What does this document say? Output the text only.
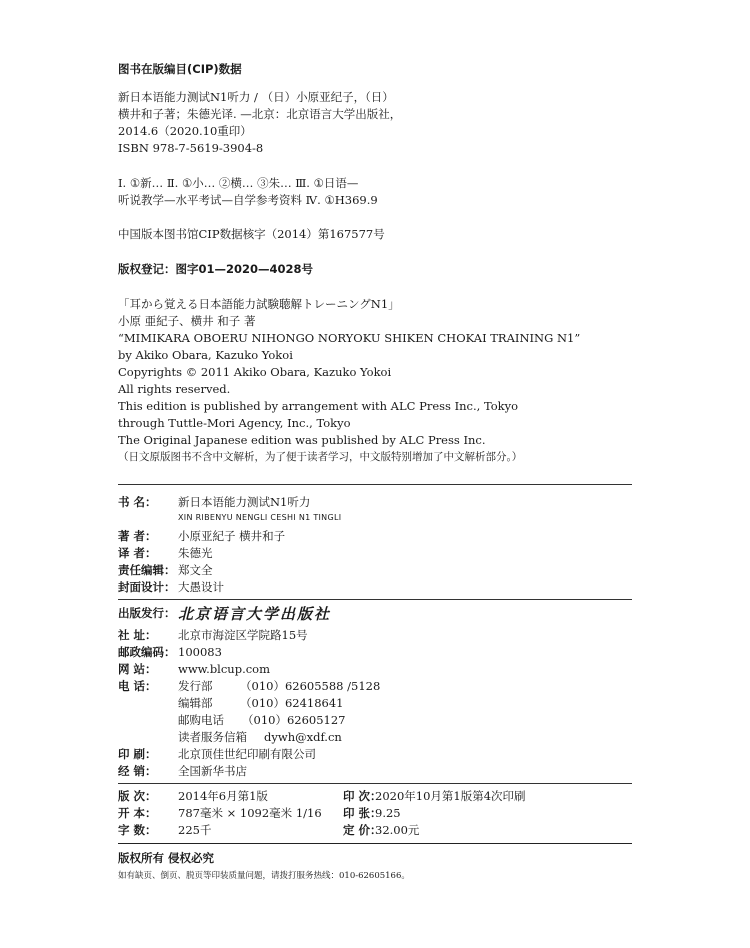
图书在版编目(CIP)数据
新日本语能力测试N1听力 / （日）小原亚纪子，（日）
横井和子著；朱德光译. —北京：北京语言大学出版社，
2014.6（2020.10重印）
ISBN 978-7-5619-3904-8
Ⅰ. ①新… Ⅱ. ①小… ②横… ③朱… Ⅲ. ①日语—
听说教学—水平考试—自学参考资料 Ⅳ. ①H369.9
中国版本图书馆CIP数据核字（2014）第167577号
版权登记：图字01—2020—4028号
「耳から覚える日本語能力試験聴解トレーニングN1」
小原 亜紀子、横井 和子 著
“MIMIKARA OBOERU NIHONGO NORYOKU SHIKEN CHOKAI TRAINING N1”
by Akiko Obara, Kazuko Yokoi
Copyrights © 2011 Akiko Obara, Kazuko Yokoi
All rights reserved.
This edition is published by arrangement with ALC Press Inc., Tokyo
through Tuttle-Mori Agency, Inc., Tokyo
The Original Japanese edition was published by ALC Press Inc.
（日文原版图书不含中文解析，为了便于读者学习，中文版特别增加了中文解析部分。）
书 名： 新日本语能力测试N1听力
XIN RIBENYU NENGLI CESHI N1 TINGLI
著 者： 小原亚紀子 横井和子
译 者： 朱德光
责任编辑： 郑文全
封面设计： 大愚设计
出版发行： 北京语言大学出版社
社 址： 北京市海淀区学院路15号
邮政编码： 100083
网 站： www.blcup.com
电 话： 发行部 （010）62605588 /5128
编辑部 （010）62418641
邮购电话 （010）62605127
读者服务信箱 dywh@xdf.cn
印 刷： 北京顶佳世纪印刷有限公司
经 销： 全国新华书店
版 次： 2014年6月第1版	印 次：
2020年10月第1版第4次印刷
开 本： 787毫米 × 1092毫米 1/16 印 张：
9.25
字 数： 225千	定 价：
32.00元
版权所有 侵权必究
如有缺页、倒页、脱页等印装质量问题，请拨打服务热线：010-62605166。
